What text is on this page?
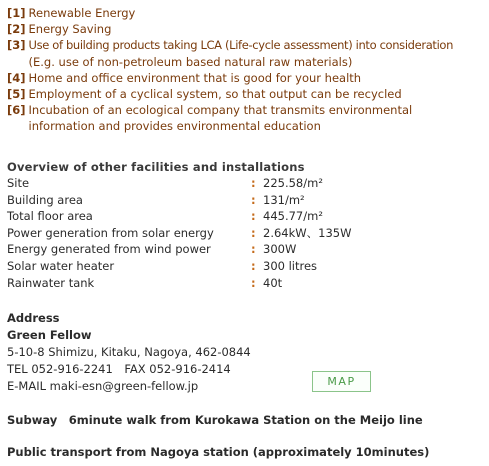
[1] Renewable Energy
[2] Energy Saving
[3] Use of building products taking LCA (Life-cycle assessment) into consideration
(E.g. use of non-petroleum based natural raw materials)
[4] Home and office environment that is good for your health
[5] Employment of a cyclical system, so that output can be recycled
[6] Incubation of an ecological company that transmits environmental
information and provides environmental education
Overview of other facilities and installations
Site	: 225.58/m²
Building area	: 131/m²
Total floor area	: 445.77/m²
Power generation from solar energy	: 2.64kW、135W
Energy generated from wind power	: 300W
Solar water heater	: 300 litres
Rainwater tank	: 40t
Address
Green Fellow
5-10-8 Shimizu, Kitaku, Nagoya, 462-0844
TEL 052-916-2241　FAX 052-916-2414
E-MAIL maki-esn@green-fellow.jp	MAP
Subway　6minute walk from Kurokawa Station on the Meijo line
Public transport from Nagoya station (approximately 10minutes)
